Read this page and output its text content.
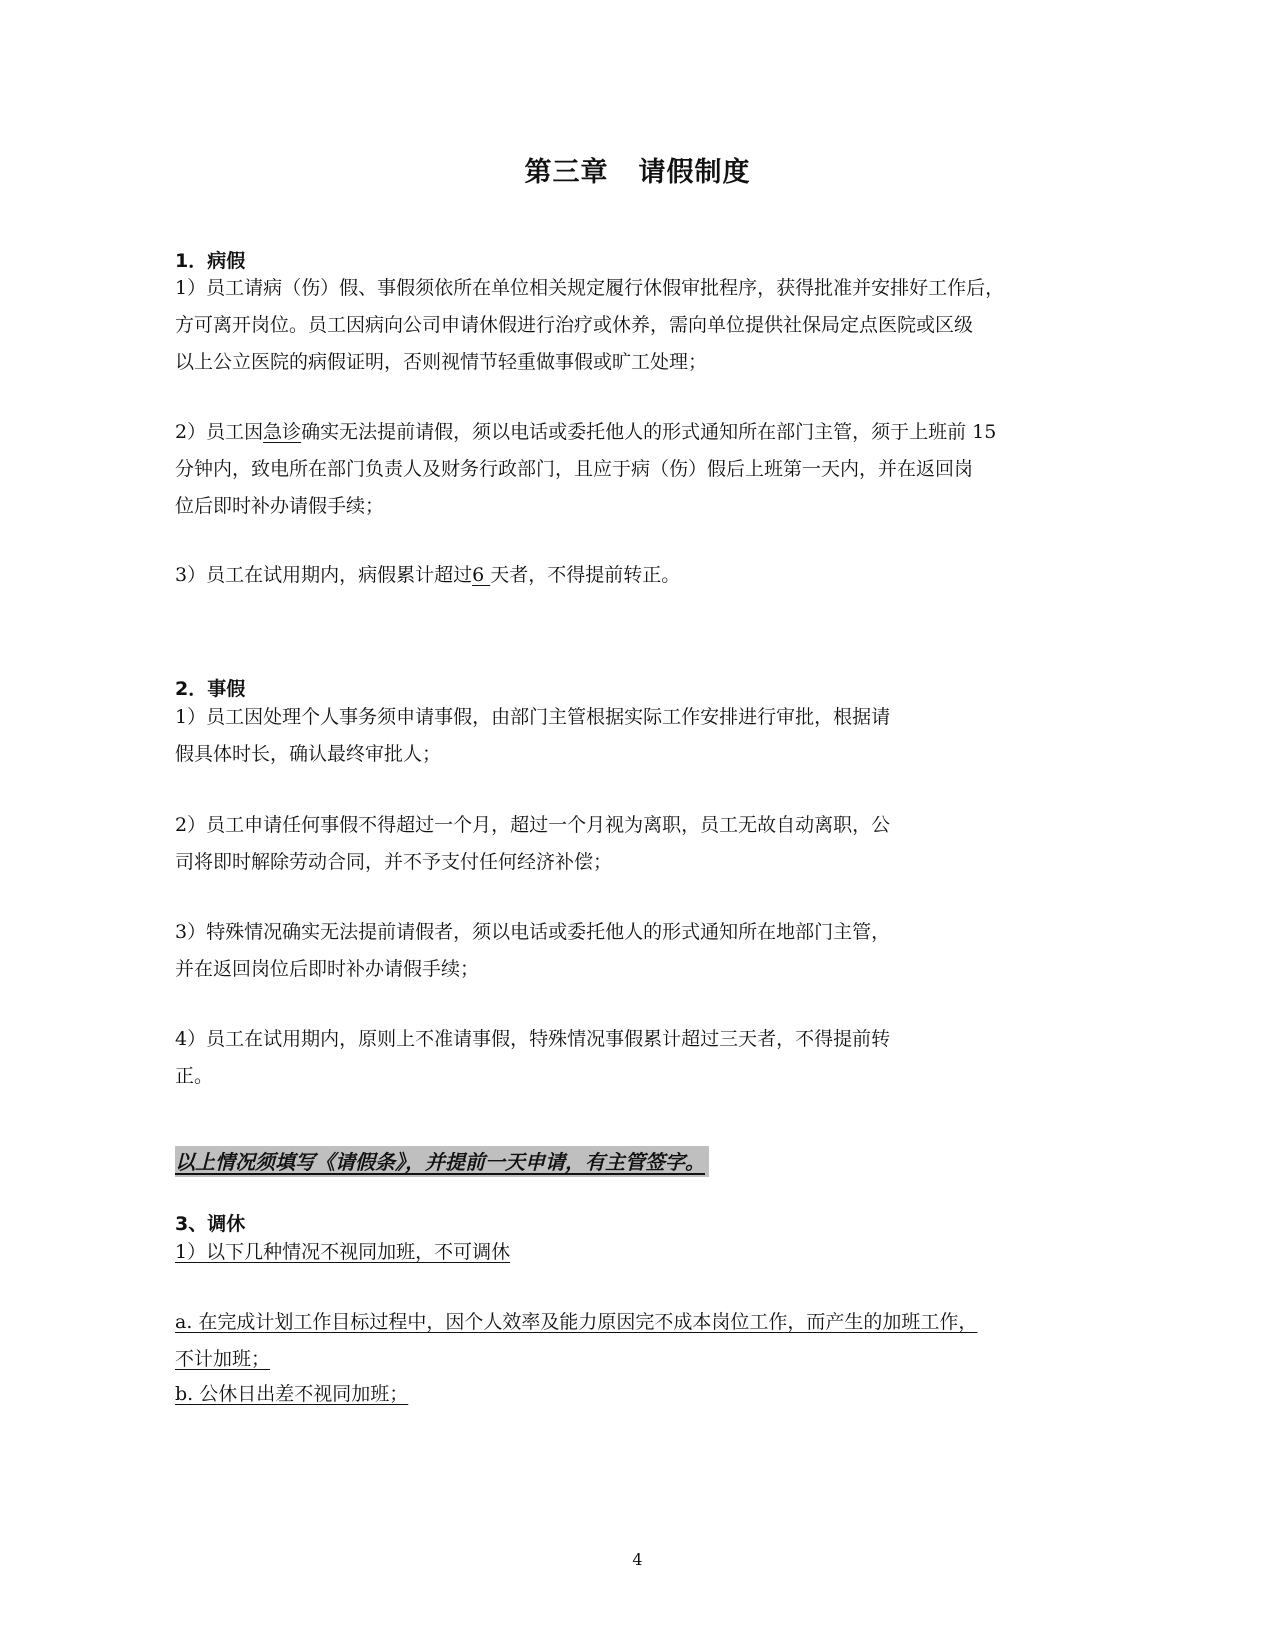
第三章 请假制度
1．病假
1）员工请病（伤）假、事假须依所在单位相关规定履行休假审批程序，获得批准并安排好工作后，
方可离开岗位。员工因病向公司申请休假进行治疗或休养，需向单位提供社保局定点医院或区级
以上公立医院的病假证明，否则视情节轻重做事假或旷工处理；
2）员工因急诊确实无法提前请假，须以电话或委托他人的形式通知所在部门主管，须于上班前 15
分钟内，致电所在部门负责人及财务行政部门，且应于病（伤）假后上班第一天内，并在返回岗
位后即时补办请假手续；
3）员工在试用期内，病假累计超过6 天者，不得提前转正。
2．事假
1）员工因处理个人事务须申请事假，由部门主管根据实际工作安排进行审批，根据请
假具体时长，确认最终审批人；
2）员工申请任何事假不得超过一个月，超过一个月视为离职，员工无故自动离职，公
司将即时解除劳动合同，并不予支付任何经济补偿；
3）特殊情况确实无法提前请假者，须以电话或委托他人的形式通知所在地部门主管，
并在返回岗位后即时补办请假手续；
4）员工在试用期内，原则上不准请事假，特殊情况事假累计超过三天者，不得提前转
正。
以上情况须填写《请假条》，并提前一天申请，有主管签字。
3、调休
1）以下几种情况不视同加班，不可调休
a. 在完成计划工作目标过程中，因个人效率及能力原因完不成本岗位工作，而产生的加班工作，
不计加班；
b. 公休日出差不视同加班；
4
